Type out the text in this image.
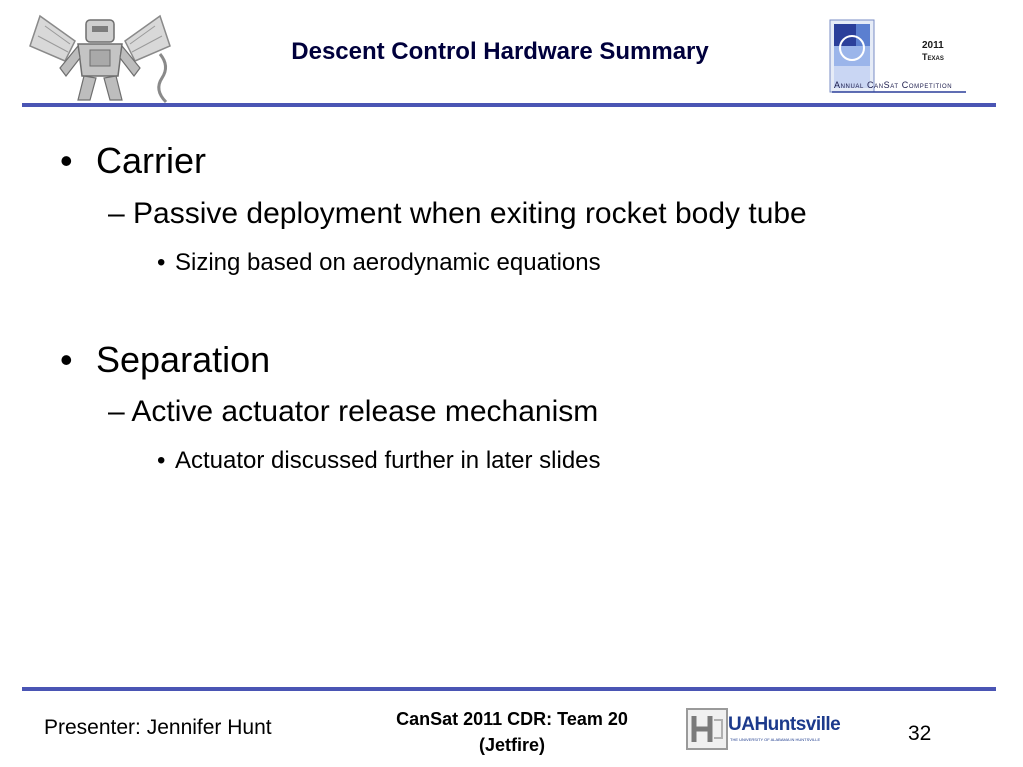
Descent Control Hardware Summary	2011
Texas
Annual CanSat Competition
• Carrier
– Passive deployment when exiting rocket body tube
• Sizing based on aerodynamic equations
• Separation
– Active actuator release mechanism
• Actuator discussed further in later slides
Presenter: Jennifer Hunt	CanSat 2011 CDR: Team 20
(Jetfire)
UAHuntsville
THE UNIVERSITY OF ALABAMA IN HUNTSVILLE	32
